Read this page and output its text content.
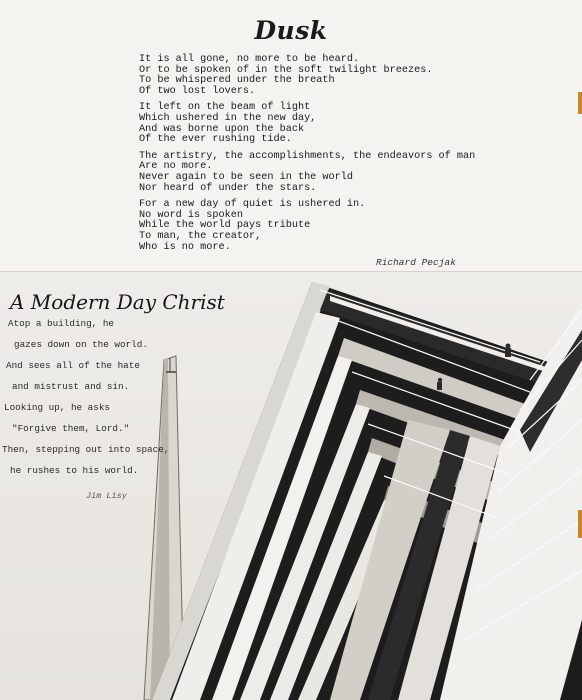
Dusk
It is all gone, no more to be heard.
Or to be spoken of in the soft twilight breezes.
To be whispered under the breath
Of two lost lovers.
It left on the beam of light
Which ushered in the new day,
And was borne upon the back
Of the ever rushing tide.
The artistry, the accomplishments, the endeavors of man
Are no more.
Never again to be seen in the world
Nor heard of under the stars.
For a new day of quiet is ushered in.
No word is spoken
While the world pays tribute
To man, the creator,
Who is no more.
Richard Pecjak
A Modern Day Christ
Atop a building, he
gazes down on the world.
And sees all of the hate
and mistrust and sin.
Looking up, he asks
"Forgive them, Lord."
Then, stepping out into space,
he rushes to his world.
Jim Lisy
